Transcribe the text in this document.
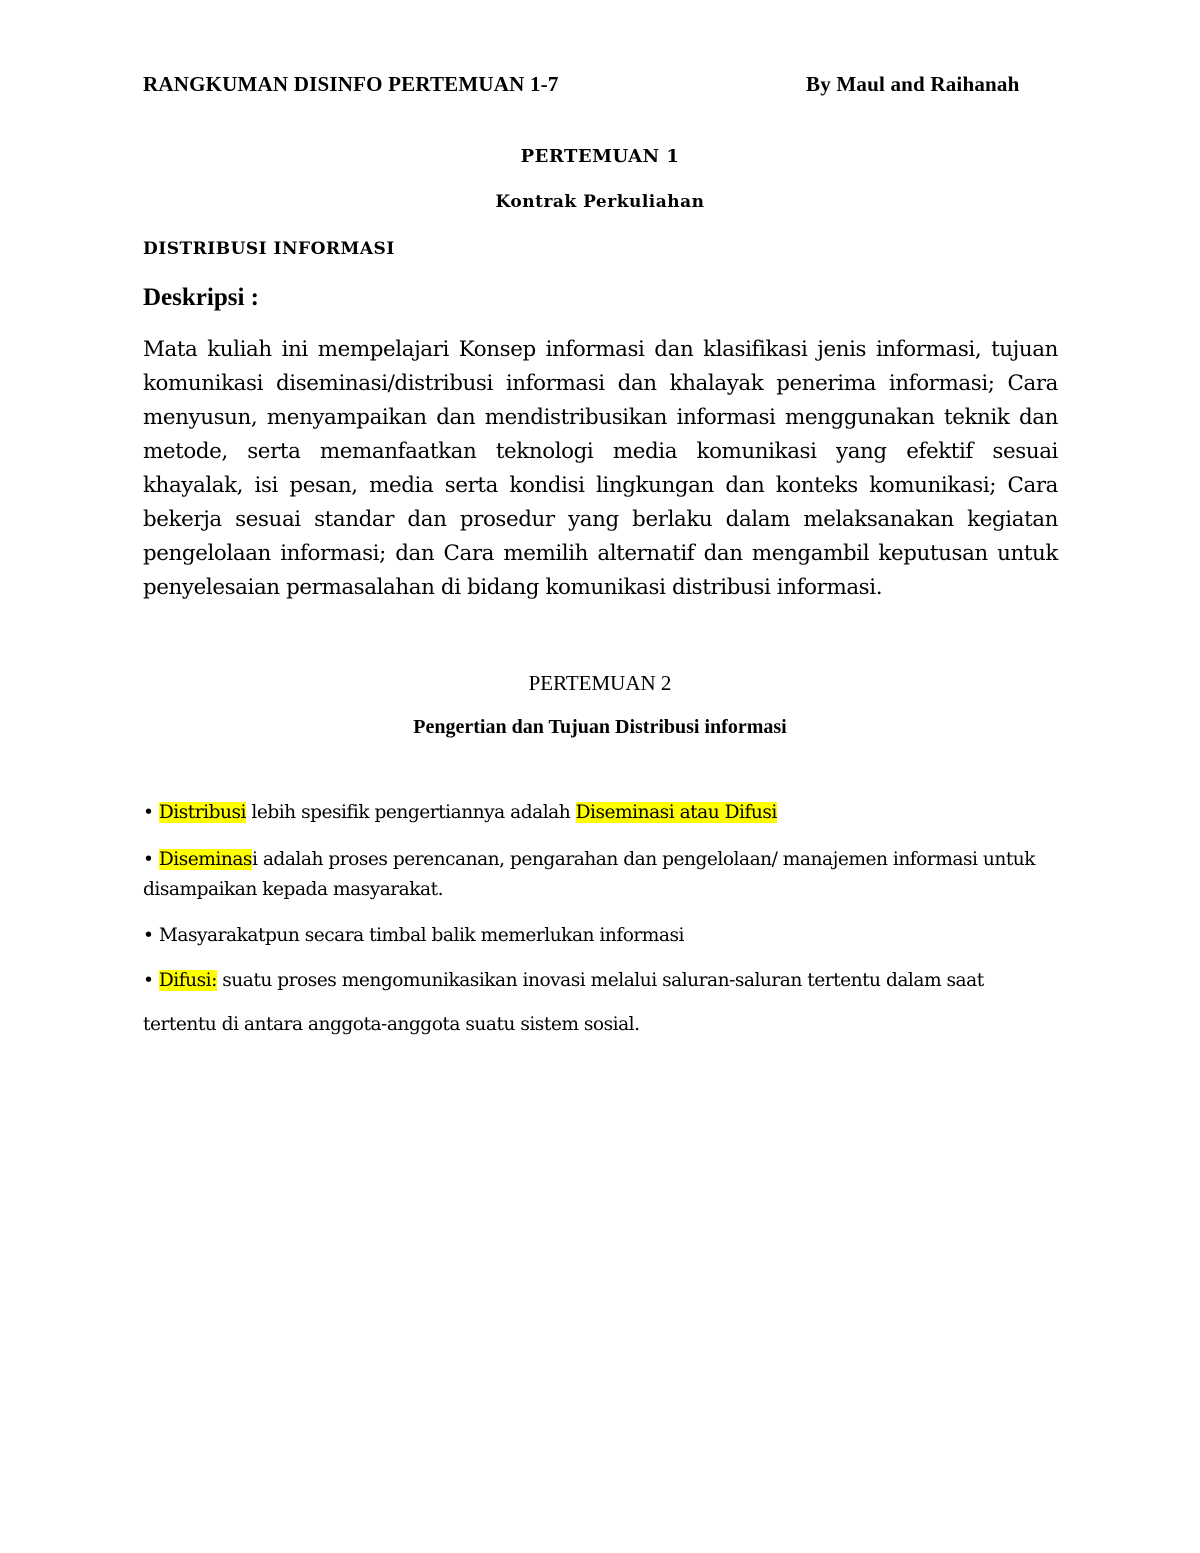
RANGKUMAN DISINFO PERTEMUAN 1-7	By Maul and Raihanah
PERTEMUAN 1
Kontrak Perkuliahan
DISTRIBUSI INFORMASI
Deskripsi :
Mata kuliah ini mempelajari Konsep informasi dan klasifikasi jenis informasi, tujuan komunikasi diseminasi/distribusi informasi dan khalayak penerima informasi; Cara menyusun, menyampaikan dan mendistribusikan informasi menggunakan teknik dan metode, serta memanfaatkan teknologi media komunikasi yang efektif sesuai khayalak, isi pesan, media serta kondisi lingkungan dan konteks komunikasi; Cara bekerja sesuai standar dan prosedur yang berlaku dalam melaksanakan kegiatan pengelolaan informasi; dan Cara memilih alternatif dan mengambil keputusan untuk penyelesaian permasalahan di bidang komunikasi distribusi informasi.
PERTEMUAN 2
Pengertian dan Tujuan Distribusi informasi
• Distribusi lebih spesifik pengertiannya adalah Diseminasi atau Difusi
• Diseminasi adalah proses perencanan, pengarahan dan pengelolaan/ manajemen informasi untuk
disampaikan kepada masyarakat.
• Masyarakatpun secara timbal balik memerlukan informasi
• Difusi: suatu proses mengomunikasikan inovasi melalui saluran-saluran tertentu dalam saat
tertentu di antara anggota-anggota suatu sistem sosial.
